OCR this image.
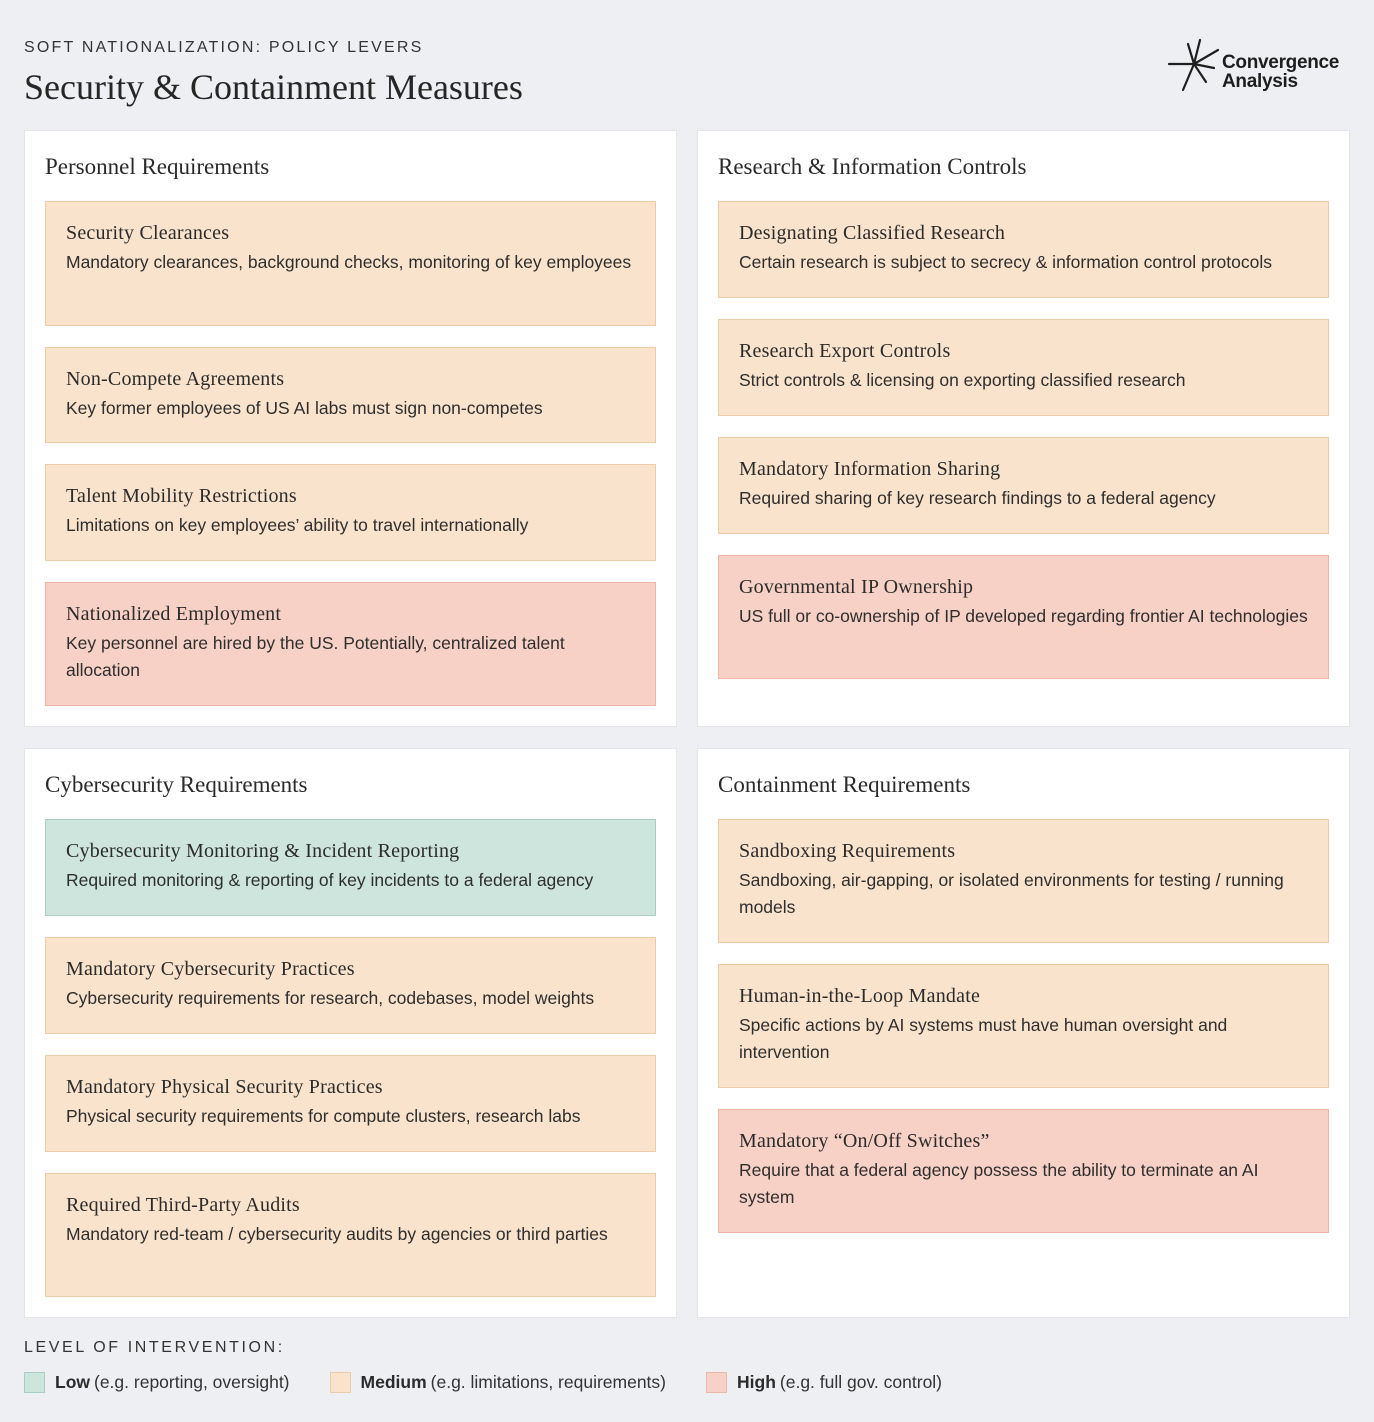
SOFT NATIONALIZATION: POLICY LEVERS
Security & Containment Measures
Convergence
Analysis
Personnel Requirements
Security Clearances
Mandatory clearances, background checks, monitoring of key employees
Non-Compete Agreements
Key former employees of US AI labs must sign non-competes
Talent Mobility Restrictions
Limitations on key employees’ ability to travel internationally
Nationalized Employment
Key personnel are hired by the US. Potentially, centralized talent allocation
Research & Information Controls
Designating Classified Research
Certain research is subject to secrecy & information control protocols
Research Export Controls
Strict controls & licensing on exporting classified research
Mandatory Information Sharing
Required sharing of key research findings to a federal agency
Governmental IP Ownership
US full or co-ownership of IP developed regarding frontier AI technologies
Cybersecurity Requirements
Cybersecurity Monitoring & Incident Reporting
Required monitoring & reporting of key incidents to a federal agency
Mandatory Cybersecurity Practices
Cybersecurity requirements for research, codebases, model weights
Mandatory Physical Security Practices
Physical security requirements for compute clusters, research labs
Required Third-Party Audits
Mandatory red-team / cybersecurity audits by agencies or third parties
Containment Requirements
Sandboxing Requirements
Sandboxing, air-gapping, or isolated environments for testing / running models
Human-in-the-Loop Mandate
Specific actions by AI systems must have human oversight and intervention
Mandatory “On/Off Switches”
Require that a federal agency possess the ability to terminate an AI system
LEVEL OF INTERVENTION:
Low (e.g. reporting, oversight)	Medium (e.g. limitations, requirements)	High (e.g. full gov. control)
